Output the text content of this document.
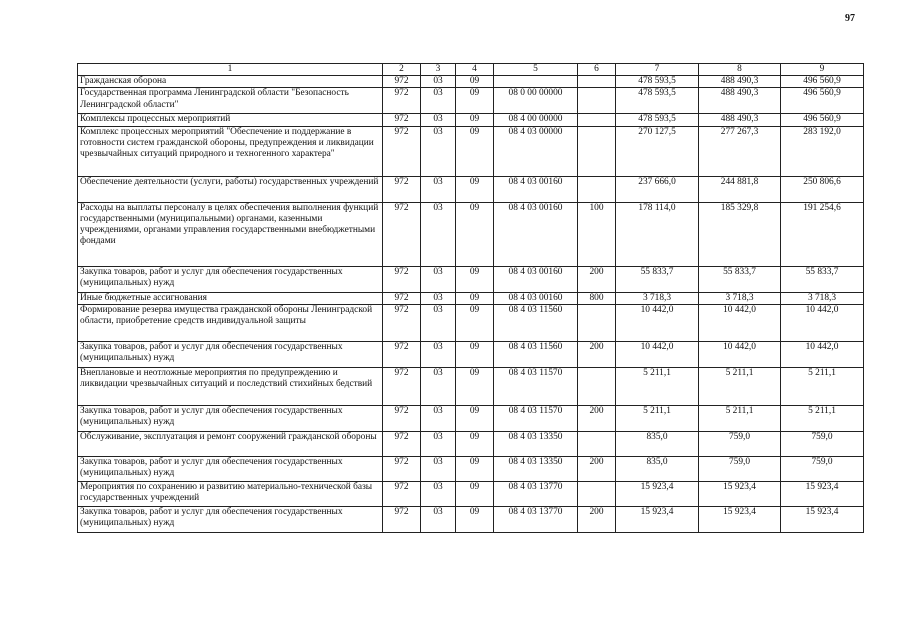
97
1	2	3	4	5	6	7	8	9
Гражданская оборона	972	03	09			478 593,5	488 490,3	496 560,9
Государственная программа Ленинградской области "Безопасность Ленинградской области"	972	03	09	08 0 00 00000		478 593,5	488 490,3	496 560,9
Комплексы процессных мероприятий	972	03	09	08 4 00 00000		478 593,5	488 490,3	496 560,9
Комплекс процессных мероприятий "Обеспечение и поддержание в готовности систем гражданской обороны, предупреждения и ликвидации чрезвычайных ситуаций природного и техногенного характера"	972	03	09	08 4 03 00000		270 127,5	277 267,3	283 192,0
Обеспечение деятельности (услуги, работы) государственных учреждений	972	03	09	08 4 03 00160		237 666,0	244 881,8	250 806,6
Расходы на выплаты персоналу в целях обеспечения выполнения функций государственными (муниципальными) органами, казенными учреждениями, органами управления государственными внебюджетными фондами	972	03	09	08 4 03 00160	100	178 114,0	185 329,8	191 254,6
Закупка товаров, работ и услуг для обеспечения государственных (муниципальных) нужд	972	03	09	08 4 03 00160	200	55 833,7	55 833,7	55 833,7
Иные бюджетные ассигнования	972	03	09	08 4 03 00160	800	3 718,3	3 718,3	3 718,3
Формирование резерва имущества гражданской обороны Ленинградской области, приобретение средств индивидуальной защиты	972	03	09	08 4 03 11560		10 442,0	10 442,0	10 442,0
Закупка товаров, работ и услуг для обеспечения государственных (муниципальных) нужд	972	03	09	08 4 03 11560	200	10 442,0	10 442,0	10 442,0
Внеплановые и неотложные мероприятия по предупреждению и ликвидации чрезвычайных ситуаций и последствий стихийных бедствий	972	03	09	08 4 03 11570		5 211,1	5 211,1	5 211,1
Закупка товаров, работ и услуг для обеспечения государственных (муниципальных) нужд	972	03	09	08 4 03 11570	200	5 211,1	5 211,1	5 211,1
Обслуживание, эксплуатация и ремонт сооружений гражданской обороны	972	03	09	08 4 03 13350		835,0	759,0	759,0
Закупка товаров, работ и услуг для обеспечения государственных (муниципальных) нужд	972	03	09	08 4 03 13350	200	835,0	759,0	759,0
Мероприятия по сохранению и развитию материально-технической базы государственных учреждений	972	03	09	08 4 03 13770		15 923,4	15 923,4	15 923,4
Закупка товаров, работ и услуг для обеспечения государственных (муниципальных) нужд	972	03	09	08 4 03 13770	200	15 923,4	15 923,4	15 923,4
